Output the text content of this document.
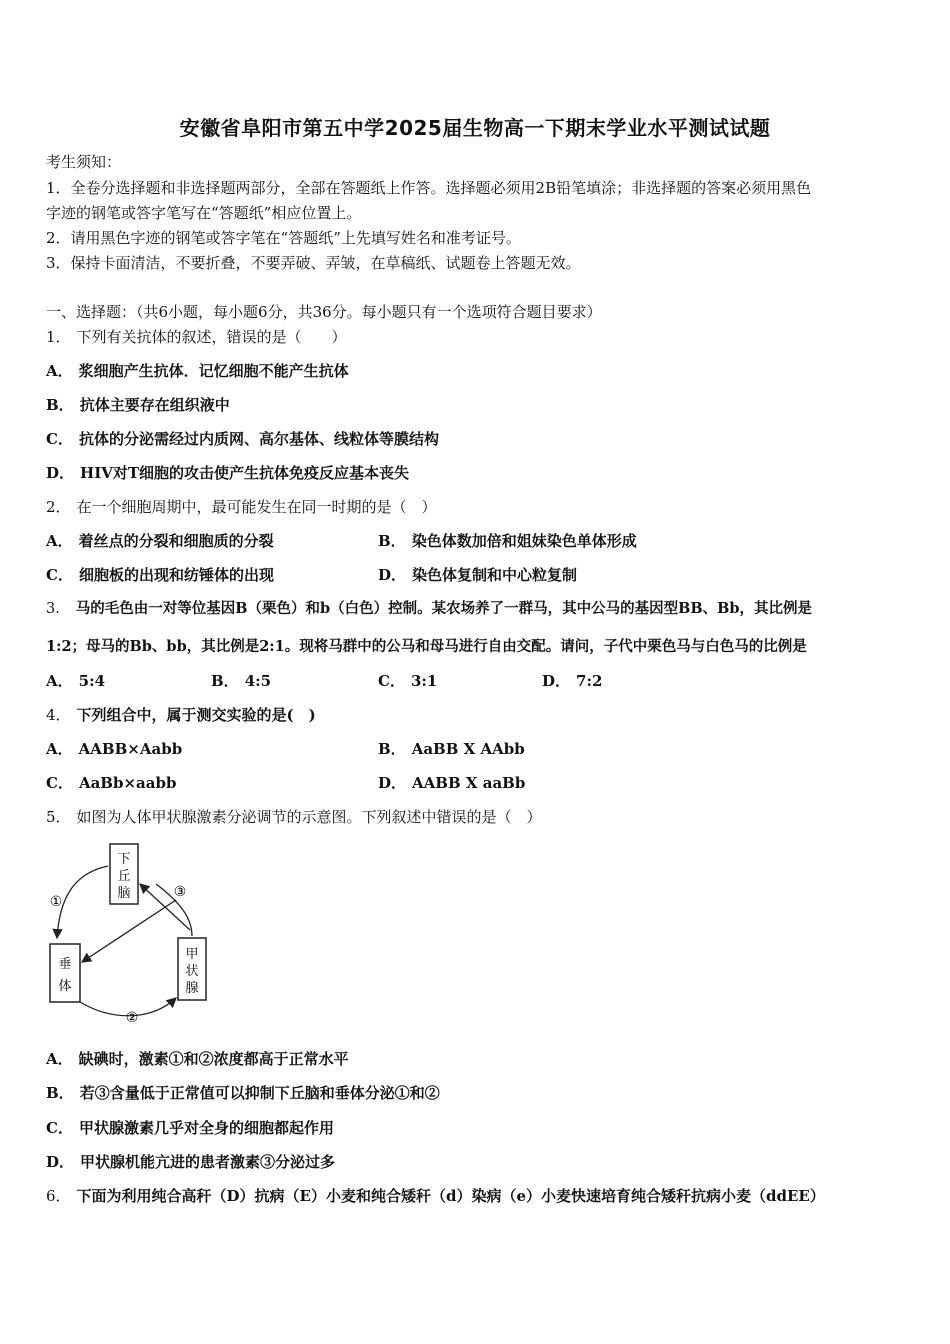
安徽省阜阳市第五中学2025届生物高一下期末学业水平测试试题
考生须知：
1．全卷分选择题和非选择题两部分，全部在答题纸上作答。选择题必须用2B铅笔填涂；非选择题的答案必须用黑色
字迹的钢笔或答字笔写在“答题纸”相应位置上。
2．请用黑色字迹的钢笔或答字笔在“答题纸”上先填写姓名和准考证号。
3．保持卡面清洁，不要折叠，不要弄破、弄皱，在草稿纸、试题卷上答题无效。
一、选择题：（共6小题，每小题6分，共36分。每小题只有一个选项符合题目要求）
1． 下列有关抗体的叙述，错误的是（　　）
A． 浆细胞产生抗体．记忆细胞不能产生抗体
B． 抗体主要存在组织液中
C． 抗体的分泌需经过内质网、高尔基体、线粒体等膜结构
D． HIV对T细胞的攻击使产生抗体免疫反应基本丧失
2． 在一个细胞周期中，最可能发生在同一时期的是（　）
A． 着丝点的分裂和细胞质的分裂	B． 染色体数加倍和姐妹染色单体形成
C． 细胞板的出现和纺锤体的出现	D． 染色体复制和中心粒复制
3． 马的毛色由一对等位基因B（栗色）和b（白色）控制。某农场养了一群马，其中公马的基因型BB、Bb，其比例是
1:2；母马的Bb、bb，其比例是2:1。现将马群中的公马和母马进行自由交配。请问，子代中栗色马与白色马的比例是
A． 5:4	B． 4:5	C． 3:1	D． 7:2
4． 下列组合中，属于测交实验的是(　)
A． AABB×Aabb	B． AaBB X AAbb
C． AaBb×aabb	D． AABB X aaBb
5． 如图为人体甲状腺激素分泌调节的示意图。下列叙述中错误的是（　）
下
丘
脑
垂
体
甲
状
腺
①
②
③
A． 缺碘时，激素①和②浓度都高于正常水平
B． 若③含量低于正常值可以抑制下丘脑和垂体分泌①和②
C． 甲状腺激素几乎对全身的细胞都起作用
D． 甲状腺机能亢进的患者激素③分泌过多
6． 下面为利用纯合高秆（D）抗病（E）小麦和纯合矮秆（d）染病（e）小麦快速培育纯合矮秆抗病小麦（ddEE）
